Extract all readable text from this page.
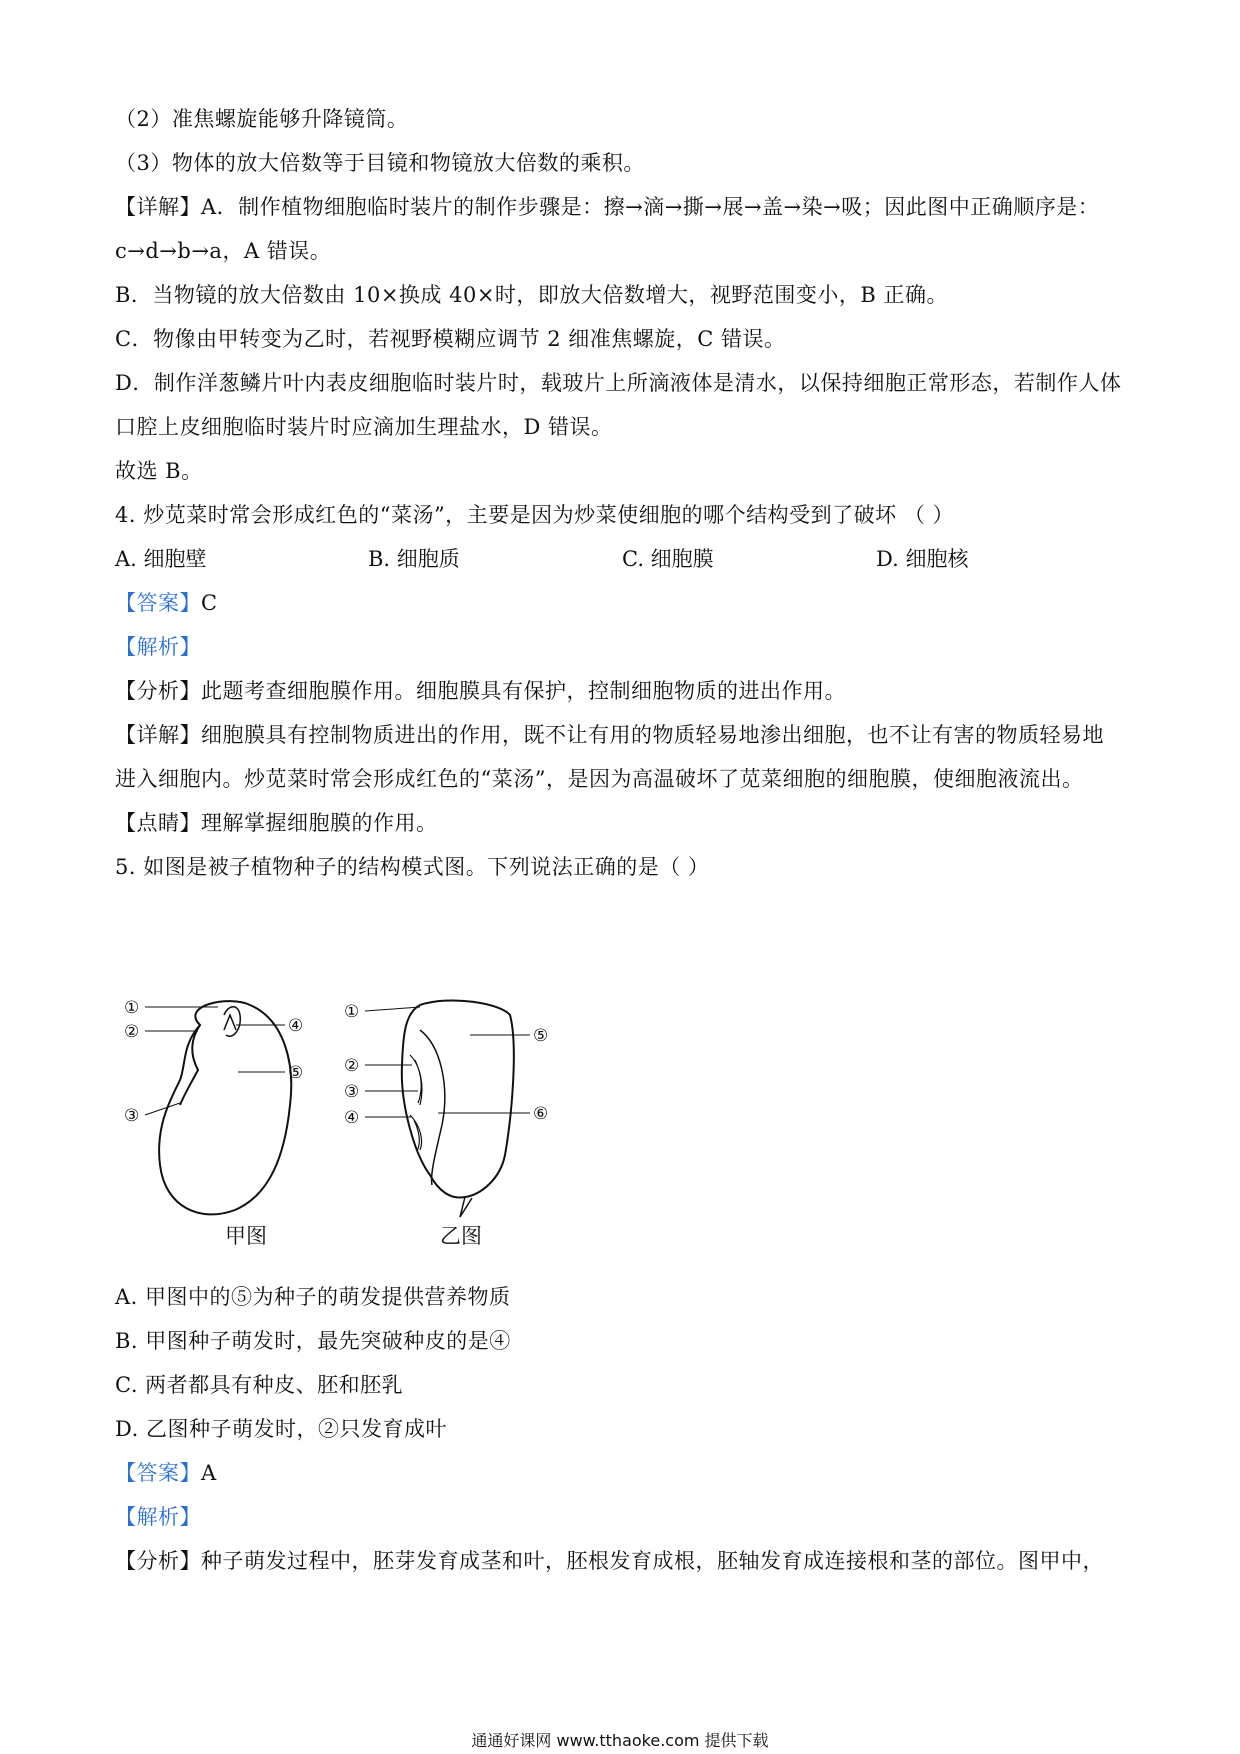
（2）准焦螺旋能够升降镜筒。
（3）物体的放大倍数等于目镜和物镜放大倍数的乘积。
【详解】A．制作植物细胞临时装片的制作步骤是：擦→滴→撕→展→盖→染→吸；因此图中正确顺序是：
c→d→b→a，A 错误。
B．当物镜的放大倍数由 10×换成 40×时，即放大倍数增大，视野范围变小，B 正确。
C．物像由甲转变为乙时，若视野模糊应调节 2 细准焦螺旋，C 错误。
D．制作洋葱鳞片叶内表皮细胞临时装片时，载玻片上所滴液体是清水，以保持细胞正常形态，若制作人体
口腔上皮细胞临时装片时应滴加生理盐水，D 错误。
故选 B。
4. 炒苋菜时常会形成红色的“菜汤”，主要是因为炒菜使细胞的哪个结构受到了破坏 （ ）
A. 细胞壁	B. 细胞质	C. 细胞膜	D. 细胞核
【答案】C
【解析】
【分析】此题考查细胞膜作用。细胞膜具有保护，控制细胞物质的进出作用。
【详解】细胞膜具有控制物质进出的作用，既不让有用的物质轻易地渗出细胞，也不让有害的物质轻易地
进入细胞内。炒苋菜时常会形成红色的“菜汤”，是因为高温破坏了苋菜细胞的细胞膜，使细胞液流出。
【点睛】理解掌握细胞膜的作用。
5. 如图是被子植物种子的结构模式图。下列说法正确的是（ ）
①
②
③
④
⑤
①
②
③
④
⑤
⑥
甲图	乙图
A. 甲图中的⑤为种子的萌发提供营养物质
B. 甲图种子萌发时，最先突破种皮的是④
C. 两者都具有种皮、胚和胚乳
D. 乙图种子萌发时，②只发育成叶
【答案】A
【解析】
【分析】种子萌发过程中，胚芽发育成茎和叶，胚根发育成根，胚轴发育成连接根和茎的部位。图甲中，
通通好课网 www.tthaoke.com 提供下载
